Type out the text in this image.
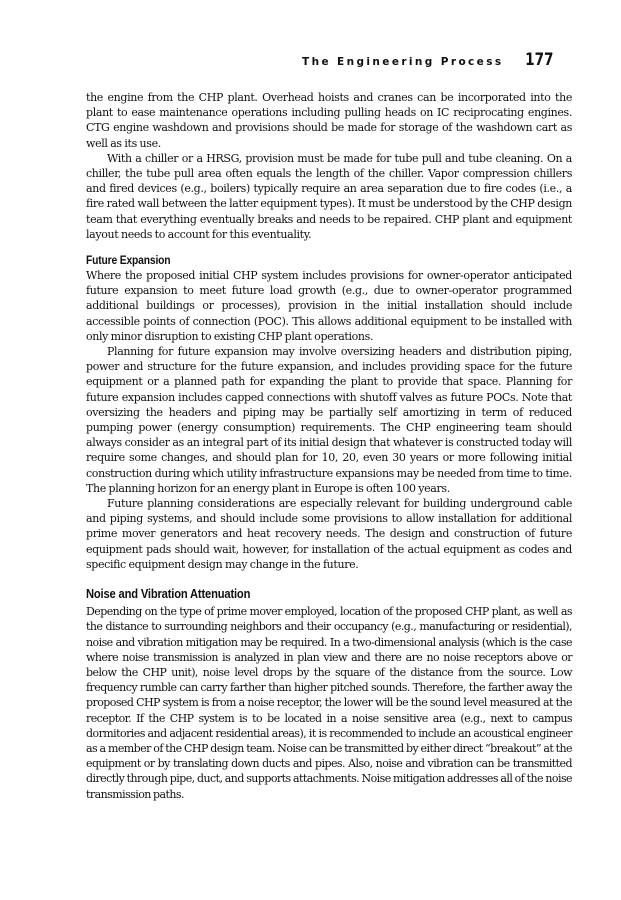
The Engineering Process 177

the engine from the CHP plant. Overhead hoists and cranes can be incorporated into the plant to ease maintenance operations including pulling heads on IC reciprocating engines. CTG engine washdown and provisions should be made for storage of the washdown cart as well as its use.

With a chiller or a HRSG, provision must be made for tube pull and tube cleaning. On a chiller, the tube pull area often equals the length of the chiller. Vapor compression chillers and fired devices (e.g., boilers) typically require an area separation due to fire codes (i.e., a fire rated wall between the latter equipment types). It must be understood by the CHP design team that everything eventually breaks and needs to be repaired. CHP plant and equipment layout needs to account for this eventuality.

Future Expansion

Where the proposed initial CHP system includes provisions for owner-operator anticipated future expansion to meet future load growth (e.g., due to owner-operator programmed additional buildings or processes), provision in the initial installation should include accessible points of connection (POC). This allows additional equipment to be installed with only minor disruption to existing CHP plant operations.

Planning for future expansion may involve oversizing headers and distribution piping, power and structure for the future expansion, and includes providing space for the future equipment or a planned path for expanding the plant to provide that space. Planning for future expansion includes capped connections with shutoff valves as future POCs. Note that oversizing the headers and piping may be partially self amortizing in term of reduced pumping power (energy consumption) requirements. The CHP engineering team should always consider as an integral part of its initial design that whatever is constructed today will require some changes, and should plan for 10, 20, even 30 years or more following initial construction during which utility infrastructure expansions may be needed from time to time. The planning horizon for an energy plant in Europe is often 100 years.

Future planning considerations are especially relevant for building underground cable and piping systems, and should include some provisions to allow installation for additional prime mover generators and heat recovery needs. The design and construction of future equipment pads should wait, however, for installation of the actual equipment as codes and specific equipment design may change in the future.

Noise and Vibration Attenuation

Depending on the type of prime mover employed, location of the proposed CHP plant, as well as the distance to surrounding neighbors and their occupancy (e.g., manufacturing or residential), noise and vibration mitigation may be required. In a two-dimensional analysis (which is the case where noise transmission is analyzed in plan view and there are no noise receptors above or below the CHP unit), noise level drops by the square of the distance from the source. Low frequency rumble can carry farther than higher pitched sounds. Therefore, the farther away the proposed CHP system is from a noise receptor, the lower will be the sound level measured at the receptor. If the CHP system is to be located in a noise sensitive area (e.g., next to campus dormitories and adjacent residential areas), it is recommended to include an acoustical engineer as a member of the CHP design team. Noise can be transmitted by either direct “breakout” at the equipment or by translating down ducts and pipes. Also, noise and vibration can be transmitted directly through pipe, duct, and supports attachments. Noise mitigation addresses all of the noise transmission paths.
